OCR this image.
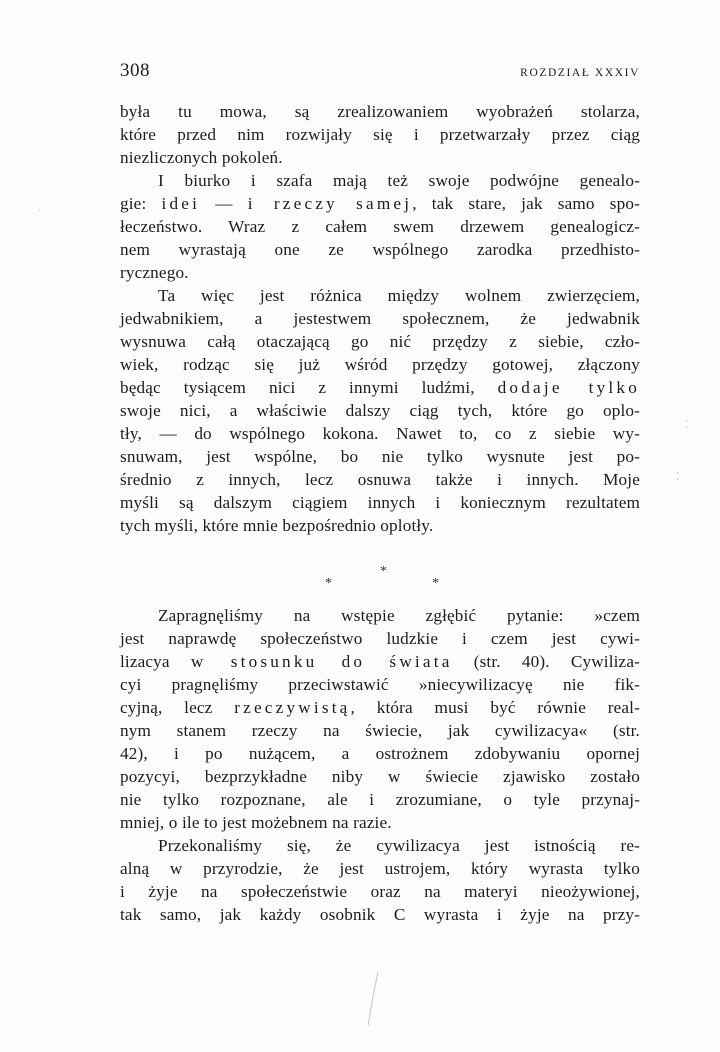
308	ROZDZIAŁ XXXIV
była tu mowa, są zrealizowaniem wyobrażeń stolarza,
które przed nim rozwijały się i przetwarzały przez ciąg
niezliczonych pokoleń.
I biurko i szafa mają też swoje podwójne genealo-
gie: idei — i rzeczy samej, tak stare, jak samo spo-
łeczeństwo. Wraz z całem swem drzewem genealogicz-
nem wyrastają one ze wspólnego zarodka przedhisto-
rycznego.
Ta więc jest różnica między wolnem zwierzęciem,
jedwabnikiem, a jestestwem społecznem, że jedwabnik
wysnuwa całą otaczającą go nić przędzy z siebie, czło-
wiek, rodząc się już wśród przędzy gotowej, złączony
będąc tysiącem nici z innymi ludźmi, dodaje tylko
swoje nici, a właściwie dalszy ciąg tych, które go oplo-
tły, — do wspólnego kokona. Nawet to, co z siebie wy-
snuwam, jest wspólne, bo nie tylko wysnute jest po-
średnio z innych, lecz osnuwa także i innych. Moje
myśli są dalszym ciągiem innych i koniecznym rezultatem
tych myśli, które mnie bezpośrednio oplotły.
*
*	*
Zapragnęliśmy na wstępie zgłębić pytanie: »czem
jest naprawdę społeczeństwo ludzkie i czem jest cywi-
lizacya w stosunku do świata (str. 40). Cywiliza-
cyi pragnęliśmy przeciwstawić »niecywilizacyę nie fik-
cyjną, lecz rzeczywistą, która musi być równie real-
nym stanem rzeczy na świecie, jak cywilizacya« (str.
42), i po nużącem, a ostrożnem zdobywaniu opornej
pozycyi, bezprzykładne niby w świecie zjawisko zostało
nie tylko rozpoznane, ale i zrozumiane, o tyle przynaj-
mniej, o ile to jest możebnem na razie.
Przekonaliśmy się, że cywilizacya jest istnością re-
alną w przyrodzie, że jest ustrojem, który wyrasta tylko
i żyje na społeczeństwie oraz na materyi nieożywionej,
tak samo, jak każdy osobnik C wyrasta i żyje na przy-
·
⁚
⁚
